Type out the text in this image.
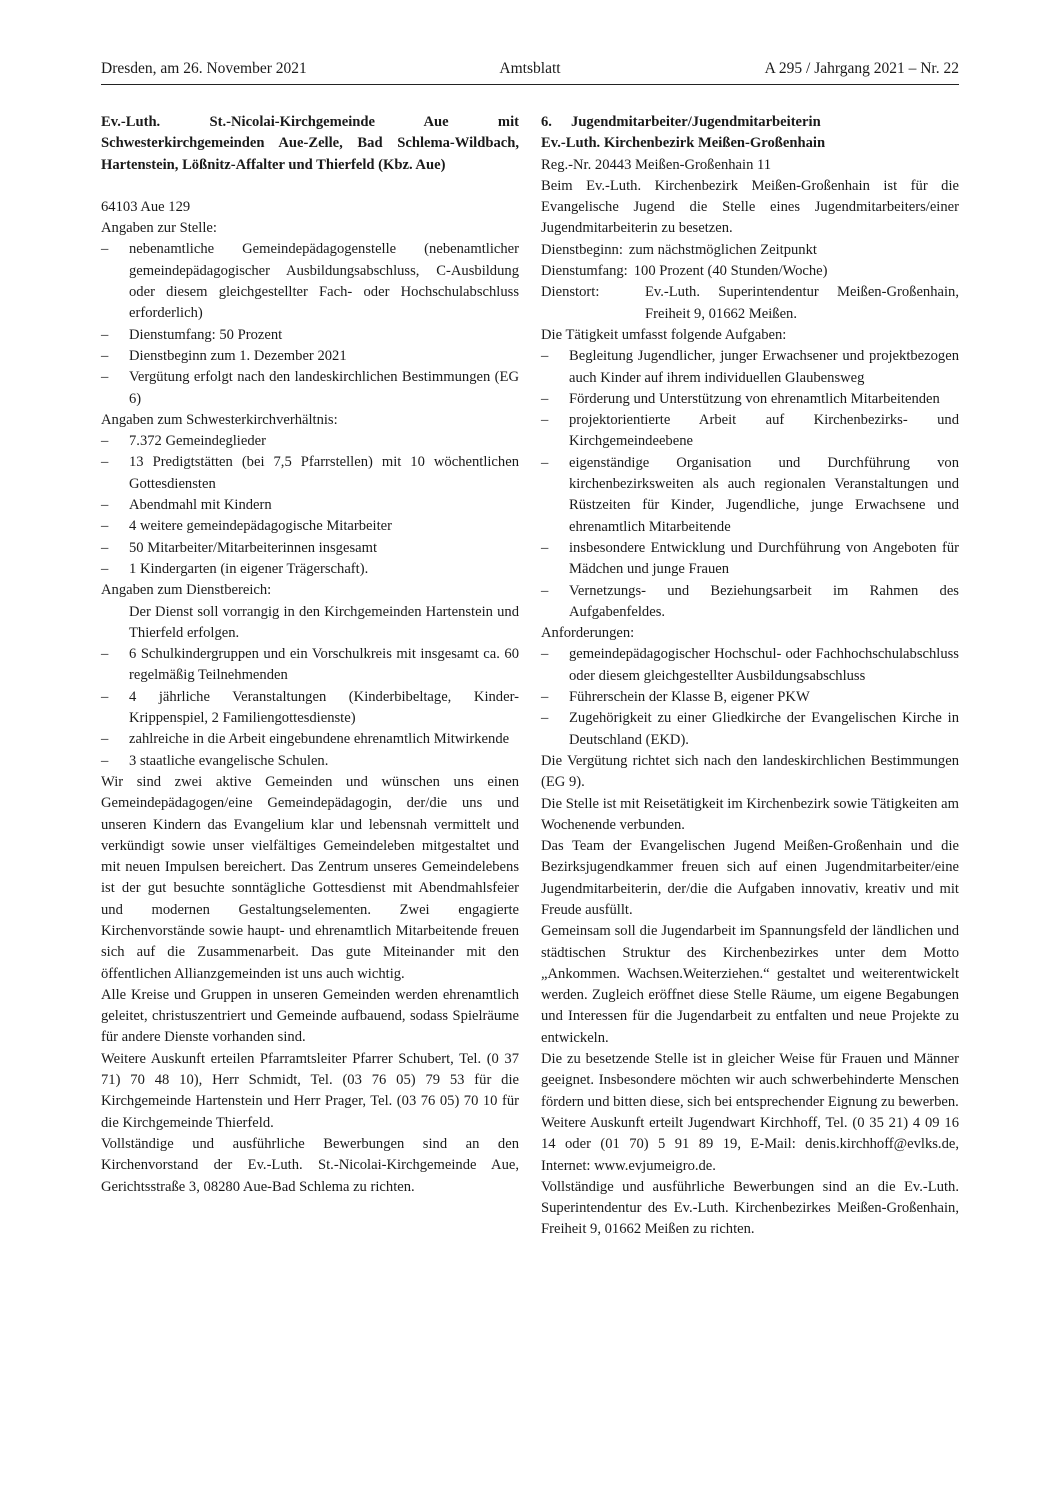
Dresden, am 26. November 2021	Amtsblatt	A 295 / Jahrgang 2021 – Nr. 22
Ev.-Luth. St.-Nicolai-Kirchgemeinde Aue mit Schwesterkirchgemeinden Aue-Zelle, Bad Schlema-Wildbach, Hartenstein, Lößnitz-Affalter und Thierfeld (Kbz. Aue)
64103 Aue 129
Angaben zur Stelle:
–	nebenamtliche Gemeindepädagogenstelle (nebenamtlicher gemeindepädagogischer Ausbildungsabschluss, C-Ausbildung oder diesem gleichgestellter Fach- oder Hochschulabschluss erforderlich)
–	Dienstumfang: 50 Prozent
–	Dienstbeginn zum 1. Dezember 2021
–	Vergütung erfolgt nach den landeskirchlichen Bestimmungen (EG 6)
Angaben zum Schwesterkirchverhältnis:
–	7.372 Gemeindeglieder
–	13 Predigtstätten (bei 7,5 Pfarrstellen) mit 10 wöchentlichen Gottesdiensten
–	Abendmahl mit Kindern
–	4 weitere gemeindepädagogische Mitarbeiter
–	50 Mitarbeiter/Mitarbeiterinnen insgesamt
–	1 Kindergarten (in eigener Trägerschaft).
Angaben zum Dienstbereich:
Der Dienst soll vorrangig in den Kirchgemeinden Hartenstein und Thierfeld erfolgen.
–	6 Schulkindergruppen und ein Vorschulkreis mit insgesamt ca. 60 regelmäßig Teilnehmenden
–	4 jährliche Veranstaltungen (Kinderbibeltage, Kinder-Krippenspiel, 2 Familiengottesdienste)
–	zahlreiche in die Arbeit eingebundene ehrenamtlich Mitwirkende
–	3 staatliche evangelische Schulen.
Wir sind zwei aktive Gemeinden und wünschen uns einen Gemeindepädagogen/eine Gemeindepädagogin, der/die uns und unseren Kindern das Evangelium klar und lebensnah vermittelt und verkündigt sowie unser vielfältiges Gemeindeleben mitgestaltet und mit neuen Impulsen bereichert. Das Zentrum unseres Gemeindelebens ist der gut besuchte sonntägliche Gottesdienst mit Abendmahlsfeier und modernen Gestaltungselementen. Zwei engagierte Kirchenvorstände sowie haupt- und ehrenamtlich Mitarbeitende freuen sich auf die Zusammenarbeit. Das gute Miteinander mit den öffentlichen Allianzgemeinden ist uns auch wichtig.
Alle Kreise und Gruppen in unseren Gemeinden werden ehrenamtlich geleitet, christuszentriert und Gemeinde aufbauend, sodass Spielräume für andere Dienste vorhanden sind.
Weitere Auskunft erteilen Pfarramtsleiter Pfarrer Schubert, Tel. (0 37 71) 70 48 10), Herr Schmidt, Tel. (03 76 05) 79 53 für die Kirchgemeinde Hartenstein und Herr Prager, Tel. (03 76 05) 70 10 für die Kirchgemeinde Thierfeld.
Vollständige und ausführliche Bewerbungen sind an den Kirchenvorstand der Ev.-Luth. St.-Nicolai-Kirchgemeinde Aue, Gerichtsstraße 3, 08280 Aue-Bad Schlema zu richten.
6. Jugendmitarbeiter/Jugendmitarbeiterin
Ev.-Luth. Kirchenbezirk Meißen-Großenhain
Reg.-Nr. 20443 Meißen-Großenhain 11
Beim Ev.-Luth. Kirchenbezirk Meißen-Großenhain ist für die Evangelische Jugend die Stelle eines Jugendmitarbeiters/einer Jugendmitarbeiterin zu besetzen.
Dienstbeginn: zum nächstmöglichen Zeitpunkt
Dienstumfang: 100 Prozent (40 Stunden/Woche)
Dienstort:	Ev.-Luth. Superintendentur Meißen-Großenhain, Freiheit 9, 01662 Meißen.
Die Tätigkeit umfasst folgende Aufgaben:
–	Begleitung Jugendlicher, junger Erwachsener und projektbezogen auch Kinder auf ihrem individuellen Glaubensweg
–	Förderung und Unterstützung von ehrenamtlich Mitarbeitenden
–	projektorientierte Arbeit auf Kirchenbezirks- und Kirchgemeindeebene
–	eigenständige Organisation und Durchführung von kirchenbezirksweiten als auch regionalen Veranstaltungen und Rüstzeiten für Kinder, Jugendliche, junge Erwachsene und ehrenamtlich Mitarbeitende
–	insbesondere Entwicklung und Durchführung von Angeboten für Mädchen und junge Frauen
–	Vernetzungs- und Beziehungsarbeit im Rahmen des Aufgabenfeldes.
Anforderungen:
–	gemeindepädagogischer Hochschul- oder Fachhochschulabschluss oder diesem gleichgestellter Ausbildungsabschluss
–	Führerschein der Klasse B, eigener PKW
–	Zugehörigkeit zu einer Gliedkirche der Evangelischen Kirche in Deutschland (EKD).
Die Vergütung richtet sich nach den landeskirchlichen Bestimmungen (EG 9).
Die Stelle ist mit Reisetätigkeit im Kirchenbezirk sowie Tätigkeiten am Wochenende verbunden.
Das Team der Evangelischen Jugend Meißen-Großenhain und die Bezirksjugendkammer freuen sich auf einen Jugendmitarbeiter/eine Jugendmitarbeiterin, der/die die Aufgaben innovativ, kreativ und mit Freude ausfüllt.
Gemeinsam soll die Jugendarbeit im Spannungsfeld der ländlichen und städtischen Struktur des Kirchenbezirkes unter dem Motto „Ankommen. Wachsen.Weiterziehen.“ gestaltet und weiterentwickelt werden. Zugleich eröffnet diese Stelle Räume, um eigene Begabungen und Interessen für die Jugendarbeit zu entfalten und neue Projekte zu entwickeln.
Die zu besetzende Stelle ist in gleicher Weise für Frauen und Männer geeignet. Insbesondere möchten wir auch schwerbehinderte Menschen fördern und bitten diese, sich bei entsprechender Eignung zu bewerben.
Weitere Auskunft erteilt Jugendwart Kirchhoff, Tel. (0 35 21) 4 09 16 14 oder (01 70) 5 91 89 19, E-Mail: denis.kirchhoff@evlks.de, Internet: www.evjumeigro.de.
Vollständige und ausführliche Bewerbungen sind an die Ev.-Luth. Superintendentur des Ev.-Luth. Kirchenbezirkes Meißen-Großenhain, Freiheit 9, 01662 Meißen zu richten.
